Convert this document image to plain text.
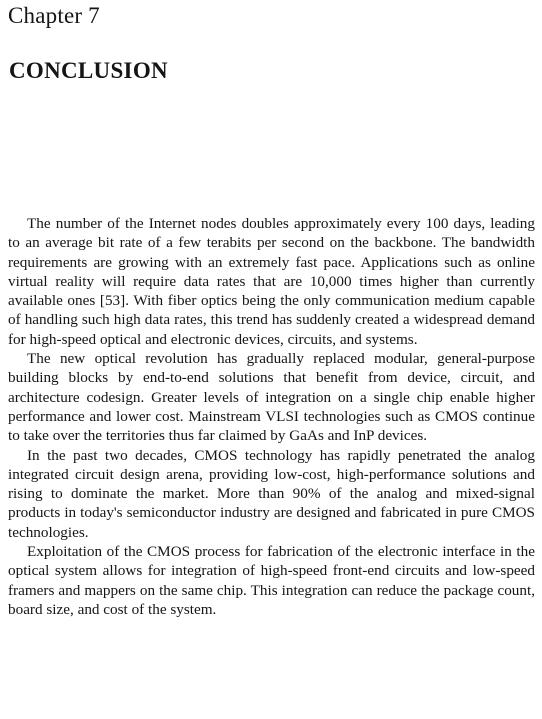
Chapter 7
CONCLUSION

The number of the Internet nodes doubles approximately every 100 days, leading to an average bit rate of a few terabits per second on the backbone. The bandwidth requirements are growing with an extremely fast pace. Applications such as online virtual reality will require data rates that are 10,000 times higher than currently available ones [53]. With fiber optics being the only communication medium capable of handling such high data rates, this trend has suddenly created a widespread demand for high-speed optical and electronic devices, circuits, and systems.

The new optical revolution has gradually replaced modular, general-purpose building blocks by end-to-end solutions that benefit from device, circuit, and architecture codesign. Greater levels of integration on a single chip enable higher performance and lower cost. Mainstream VLSI technologies such as CMOS continue to take over the territories thus far claimed by GaAs and InP devices.

In the past two decades, CMOS technology has rapidly penetrated the analog integrated circuit design arena, providing low-cost, high-performance solutions and rising to dominate the market. More than 90% of the analog and mixed-signal products in today's semiconductor industry are designed and fabricated in pure CMOS technologies.

Exploitation of the CMOS process for fabrication of the electronic interface in the optical system allows for integration of high-speed front-end circuits and low-speed framers and mappers on the same chip. This integration can reduce the package count, board size, and cost of the system.
